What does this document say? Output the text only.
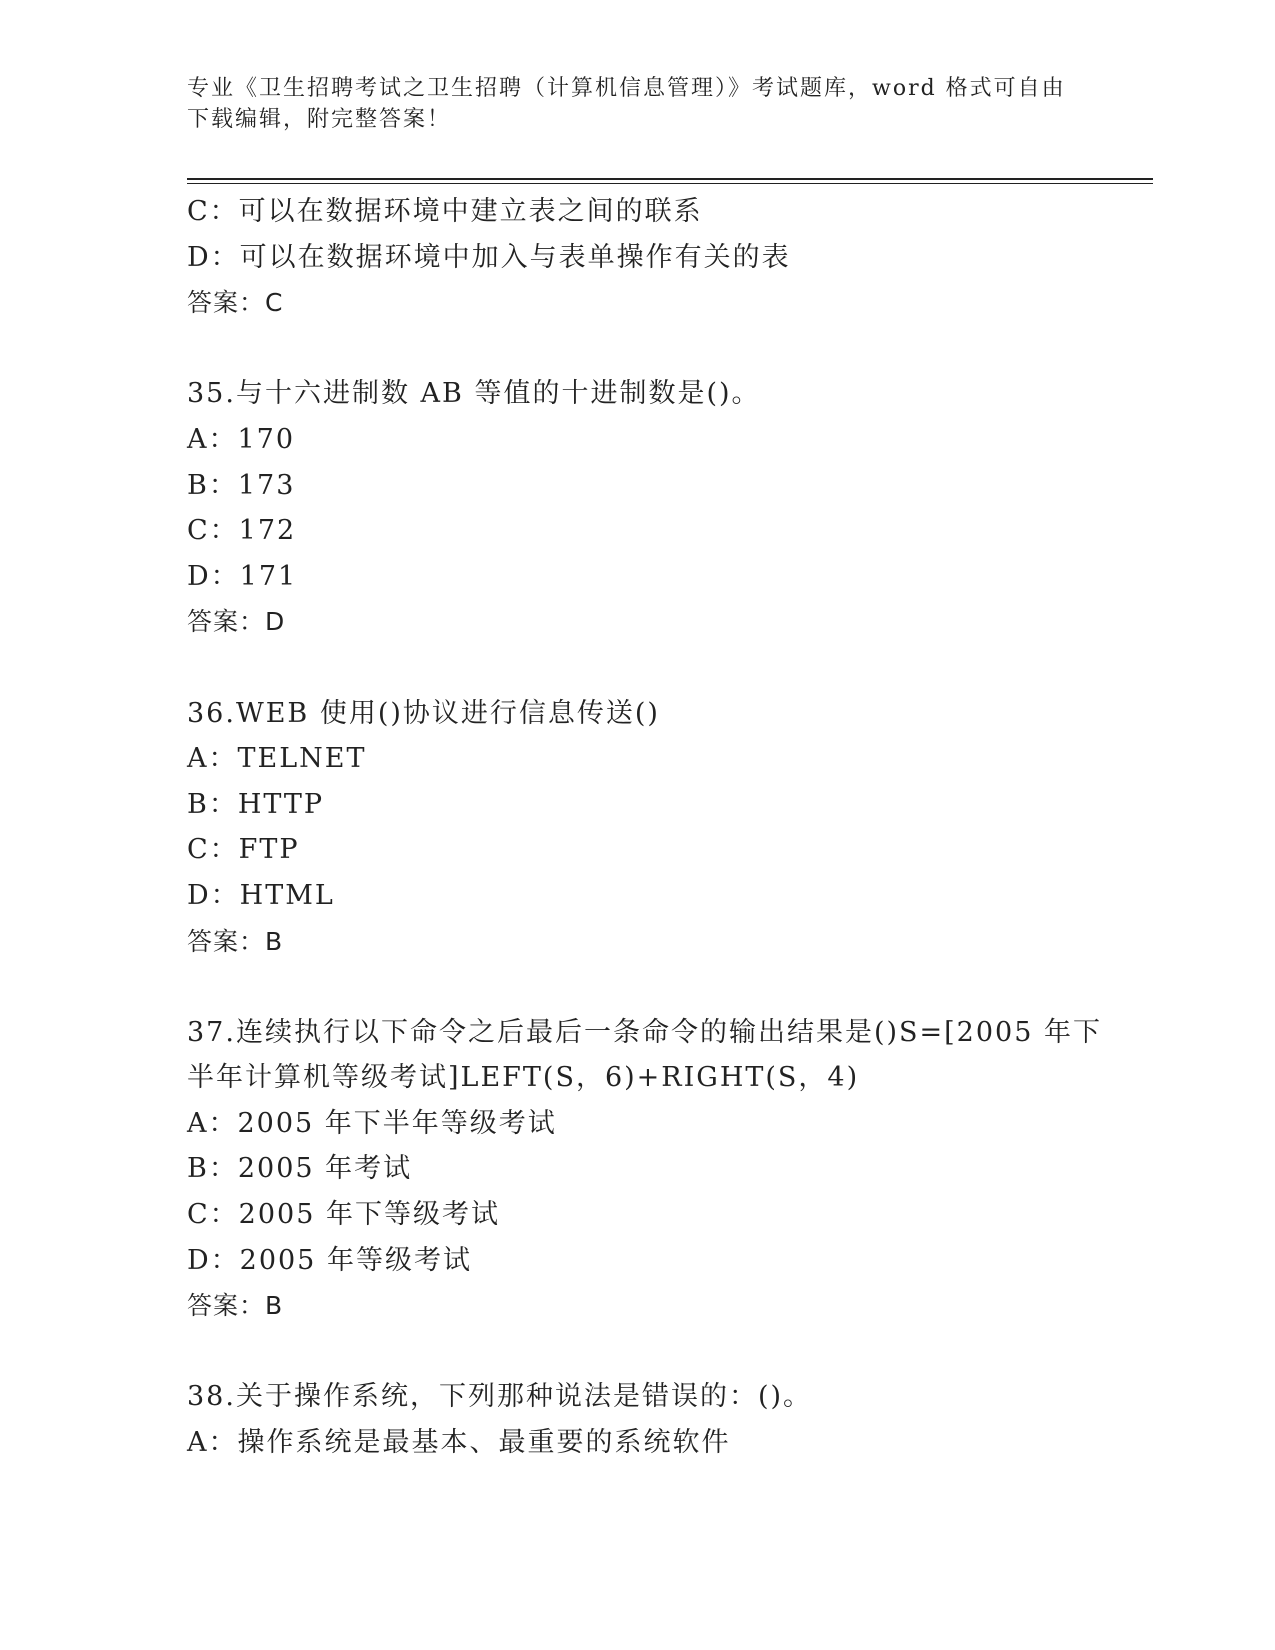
专业《卫生招聘考试之卫生招聘（计算机信息管理）》考试题库，word 格式可自由下载编辑，附完整答案！
C：可以在数据环境中建立表之间的联系
D：可以在数据环境中加入与表单操作有关的表
答案：C
35.与十六进制数 AB 等值的十进制数是()。
A：170
B：173
C：172
D：171
答案：D
36.WEB 使用()协议进行信息传送()
A：TELNET
B：HTTP
C：FTP
D：HTML
答案：B
37.连续执行以下命令之后最后一条命令的输出结果是()S=[2005 年下
半年计算机等级考试]LEFT(S，6)+RIGHT(S，4)
A：2005 年下半年等级考试
B：2005 年考试
C：2005 年下等级考试
D：2005 年等级考试
答案：B
38.关于操作系统，下列那种说法是错误的：()。
A：操作系统是最基本、最重要的系统软件
